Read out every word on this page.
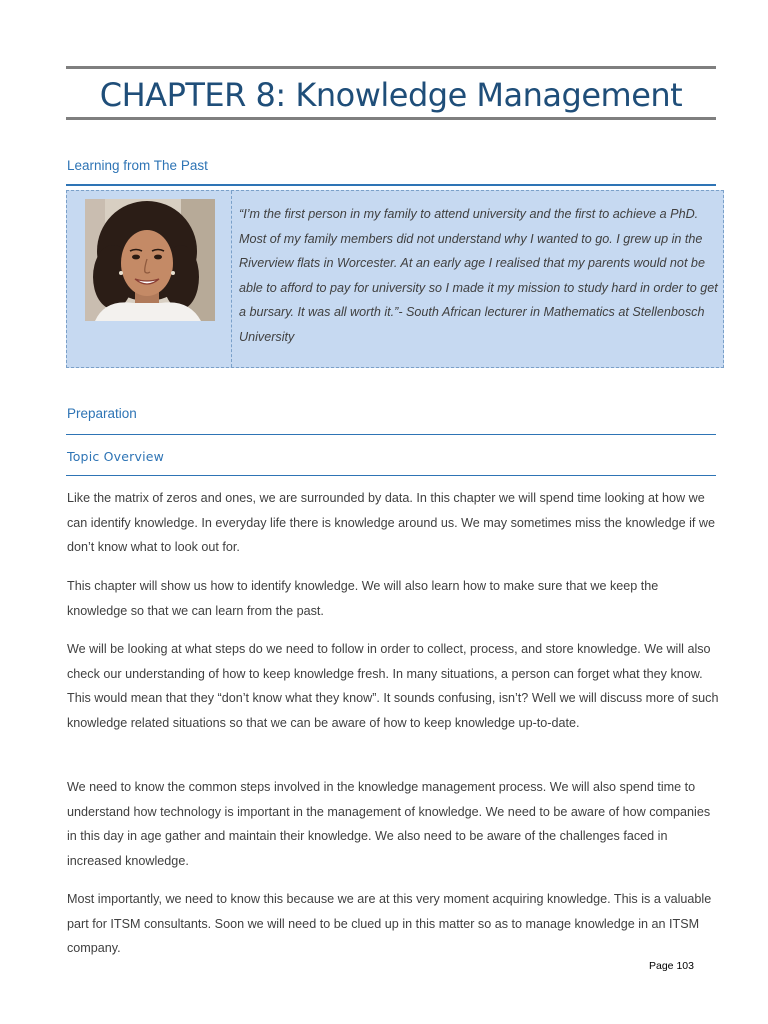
CHAPTER 8: Knowledge Management
Learning from The Past
“I’m the first person in my family to attend university and the first to achieve a PhD. Most of my family members did not understand why I wanted to go. I grew up in the Riverview flats in Worcester. At an early age I realised that my parents would not be able to afford to pay for university so I made it my mission to study hard in order to get a bursary. It was all worth it.”- South African lecturer in Mathematics at Stellenbosch University
Preparation
Topic Overview
Like the matrix of zeros and ones, we are surrounded by data. In this chapter we will spend time looking at how we can identify knowledge. In everyday life there is knowledge around us. We may sometimes miss the knowledge if we don’t know what to look out for.
This chapter will show us how to identify knowledge. We will also learn how to make sure that we keep the knowledge so that we can learn from the past.
We will be looking at what steps do we need to follow in order to collect, process, and store knowledge. We will also check our understanding of how to keep knowledge fresh. In many situations, a person can forget what they know. This would mean that they “don’t know what they know”. It sounds confusing, isn’t? Well we will discuss more of such knowledge related situations so that we can be aware of how to keep knowledge up-to-date.
We need to know the common steps involved in the knowledge management process. We will also spend time to understand how technology is important in the management of knowledge. We need to be aware of how companies in this day in age gather and maintain their knowledge. We also need to be aware of the challenges faced in increased knowledge.
Most importantly, we need to know this because we are at this very moment acquiring knowledge. This is a valuable part for ITSM consultants. Soon we will need to be clued up in this matter so as to manage knowledge in an ITSM company.
Page 103
